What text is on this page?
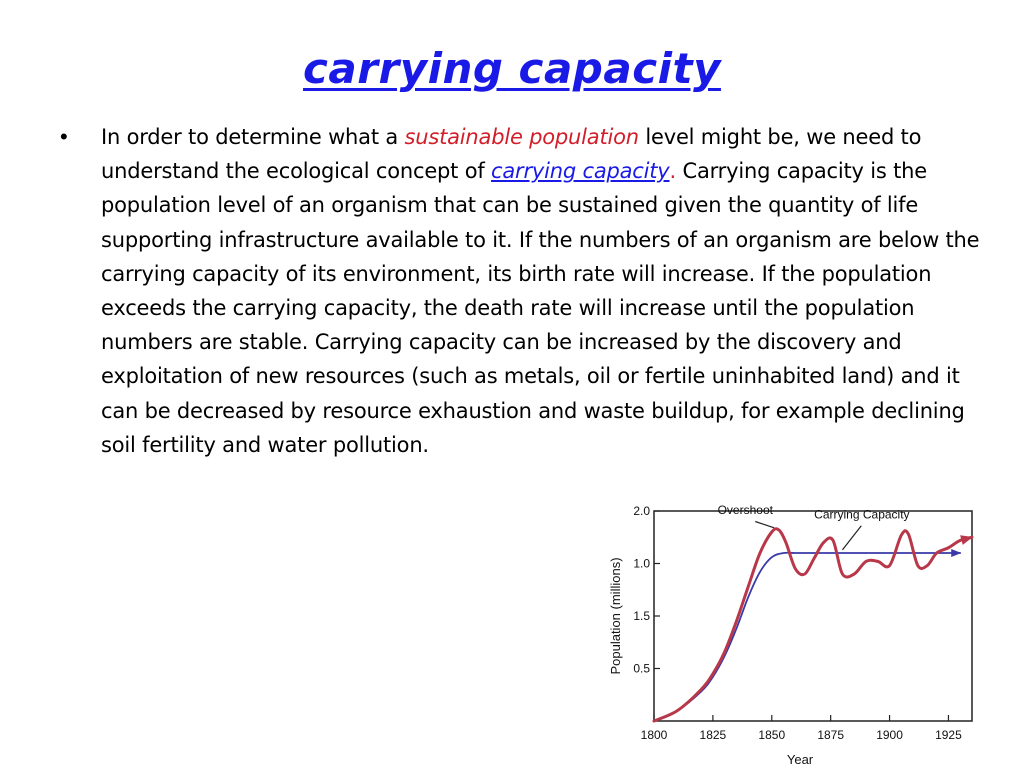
carrying capacity
• In order to determine what a sustainable population level might be, we need to understand the ecological concept of carrying capacity. Carrying capacity is the population level of an organism that can be sustained given the quantity of life supporting infrastructure available to it. If the numbers of an organism are below the carrying capacity of its environment, its birth rate will increase. If the population exceeds the carrying capacity, the death rate will increase until the population numbers are stable. Carrying capacity can be increased by the discovery and exploitation of new resources (such as metals, oil or fertile uninhabited land) and it can be decreased by resource exhaustion and waste buildup, for example declining soil fertility and water pollution.

0.5
1.5
1.0
2.0
1800	1825	1850	1875	1900	1925
Year
Population (millions)
Overshoot	Carrying Capacity
